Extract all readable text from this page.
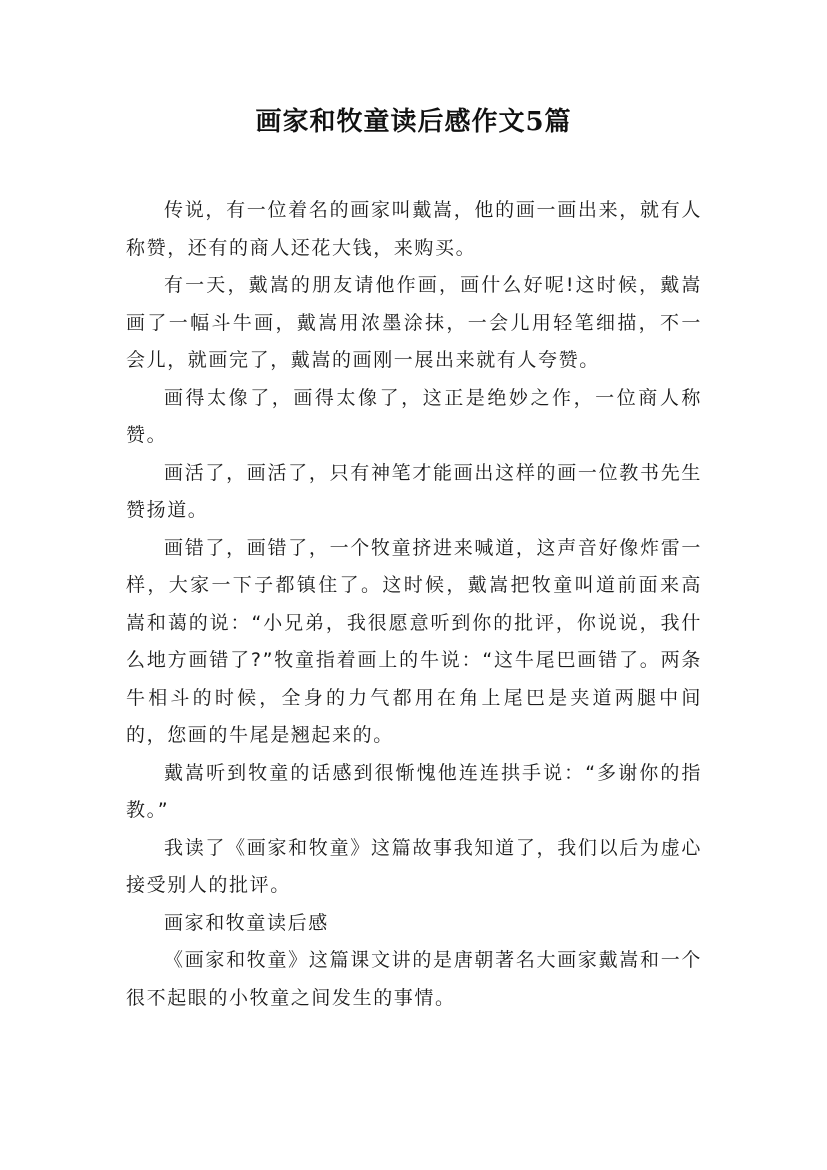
画家和牧童读后感作文5篇

传说，有一位着名的画家叫戴嵩，他的画一画出来，就有人称赞，还有的商人还花大钱，来购买。

有一天，戴嵩的朋友请他作画，画什么好呢!这时候，戴嵩画了一幅斗牛画，戴嵩用浓墨涂抹，一会儿用轻笔细描，不一会儿，就画完了，戴嵩的画刚一展出来就有人夸赞。

画得太像了，画得太像了，这正是绝妙之作，一位商人称赞。

画活了，画活了，只有神笔才能画出这样的画一位教书先生赞扬道。

画错了，画错了，一个牧童挤进来喊道，这声音好像炸雷一样，大家一下子都镇住了。这时候，戴嵩把牧童叫道前面来高嵩和蔼的说：“小兄弟，我很愿意听到你的批评，你说说，我什么地方画错了?”牧童指着画上的牛说：“这牛尾巴画错了。两条牛相斗的时候，全身的力气都用在角上尾巴是夹道两腿中间的，您画的牛尾是翘起来的。

戴嵩听到牧童的话感到很惭愧他连连拱手说：“多谢你的指教。”

我读了《画家和牧童》这篇故事我知道了，我们以后为虚心接受别人的批评。

画家和牧童读后感

《画家和牧童》这篇课文讲的是唐朝著名大画家戴嵩和一个很不起眼的小牧童之间发生的事情。
